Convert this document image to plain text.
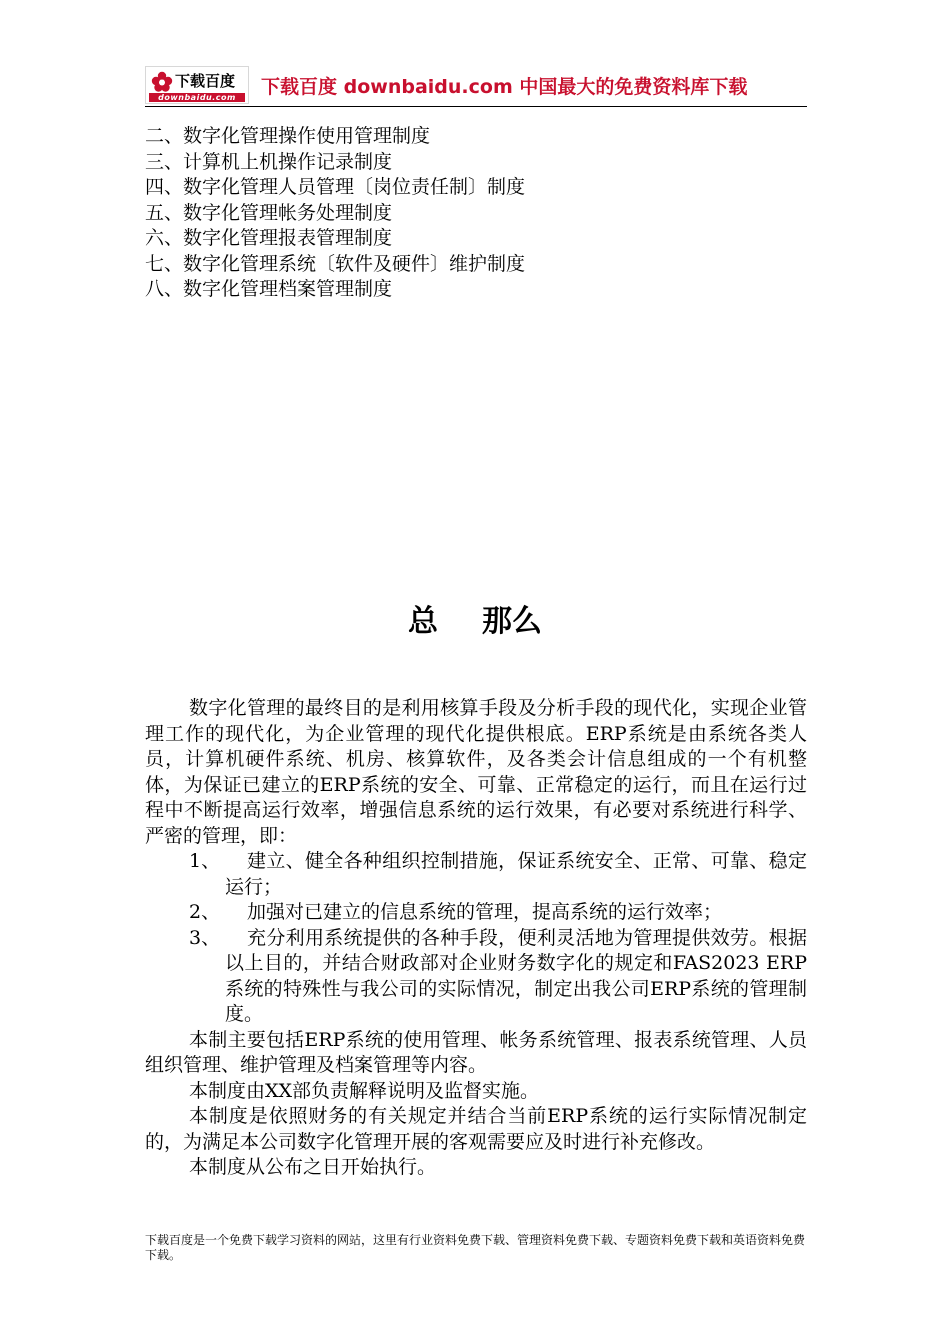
下载百度
downbaidu.com	下载百度 downbaidu.com 中国最大的免费资料库下载
二、数字化管理操作使用管理制度
三、计算机上机操作记录制度
四、数字化管理人员管理〔岗位责任制〕制度
五、数字化管理帐务处理制度
六、数字化管理报表管理制度
七、数字化管理系统〔软件及硬件〕维护制度
八、数字化管理档案管理制度
总 那么

数字化管理的最终目的是利用核算手段及分析手段的现代化，实现企业管理工作的现代化，为企业管理的现代化提供根底。ERP系统是由系统各类人员，计算机硬件系统、机房、核算软件，及各类会计信息组成的一个有机整体，为保证已建立的ERP系统的安全、可靠、正常稳定的运行，而且在运行过程中不断提高运行效率，增强信息系统的运行效果，有必要对系统进行科学、严密的管理，即：

1、	建立、健全各种组织控制措施，保证系统安全、正常、可靠、稳定运行；
2、	加强对已建立的信息系统的管理，提高系统的运行效率；
3、	充分利用系统提供的各种手段，便利灵活地为管理提供效劳。根据以上目的，并结合财政部对企业财务数字化的规定和FAS2023 ERP系统的特殊性与我公司的实际情况，制定出我公司ERP系统的管理制度。

本制主要包括ERP系统的使用管理、帐务系统管理、报表系统管理、人员组织管理、维护管理及档案管理等内容。

本制度由XX部负责解释说明及监督实施。

本制度是依照财务的有关规定并结合当前ERP系统的运行实际情况制定的，为满足本公司数字化管理开展的客观需要应及时进行补充修改。

本制度从公布之日开始执行。

下载百度是一个免费下载学习资料的网站，这里有行业资料免费下载、管理资料免费下载、专题资料免费下载和英语资料免费下载。
